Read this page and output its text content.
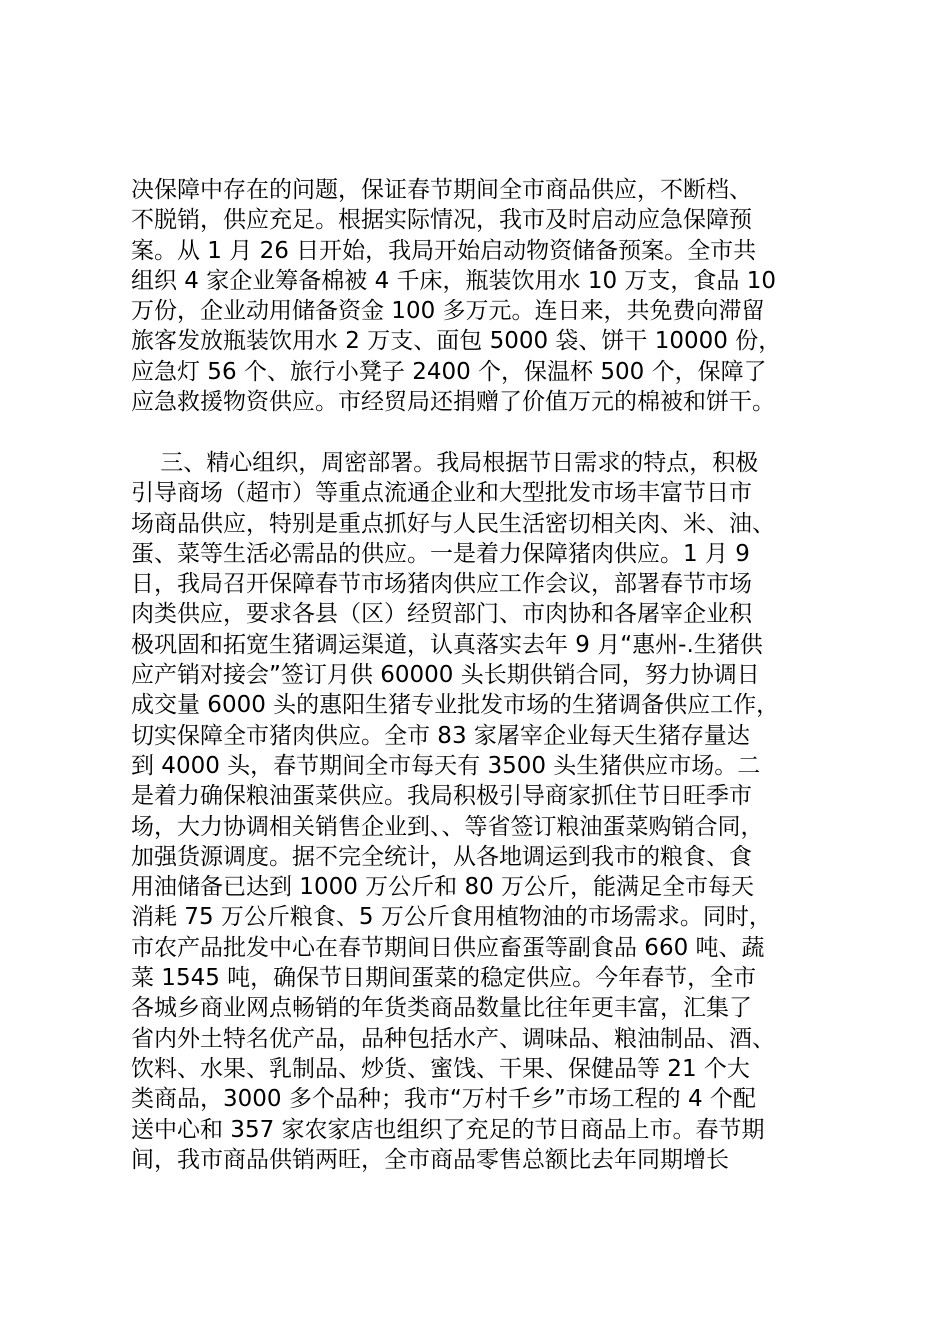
决保障中存在的问题，保证春节期间全市商品供应，不断档、
不脱销，供应充足。根据实际情况，我市及时启动应急保障预
案。从 1 月 26 日开始，我局开始启动物资储备预案。全市共
组织 4 家企业筹备棉被 4 千床，瓶装饮用水 10 万支，食品 10
万份，企业动用储备资金 100 多万元。连日来，共免费向滞留
旅客发放瓶装饮用水 2 万支、面包 5000 袋、饼干 10000 份，
应急灯 56 个、旅行小凳子 2400 个，保温杯 500 个，保障了
应急救援物资供应。市经贸局还捐赠了价值万元的棉被和饼干。
三、精心组织，周密部署。我局根据节日需求的特点，积极
引导商场（超市）等重点流通企业和大型批发市场丰富节日市
场商品供应，特别是重点抓好与人民生活密切相关肉、米、油、
蛋、菜等生活必需品的供应。一是着力保障猪肉供应。1 月 9
日，我局召开保障春节市场猪肉供应工作会议，部署春节市场
肉类供应，要求各县（区）经贸部门、市肉协和各屠宰企业积
极巩固和拓宽生猪调运渠道，认真落实去年 9 月“惠州-.生猪供
应产销对接会”签订月供 60000 头长期供销合同，努力协调日
成交量 6000 头的惠阳生猪专业批发市场的生猪调备供应工作，
切实保障全市猪肉供应。全市 83 家屠宰企业每天生猪存量达
到 4000 头，春节期间全市每天有 3500 头生猪供应市场。二
是着力确保粮油蛋菜供应。我局积极引导商家抓住节日旺季市
场，大力协调相关销售企业到、、等省签订粮油蛋菜购销合同，
加强货源调度。据不完全统计，从各地调运到我市的粮食、食
用油储备已达到 1000 万公斤和 80 万公斤，能满足全市每天
消耗 75 万公斤粮食、5 万公斤食用植物油的市场需求。同时，
市农产品批发中心在春节期间日供应畜蛋等副食品 660 吨、蔬
菜 1545 吨，确保节日期间蛋菜的稳定供应。今年春节，全市
各城乡商业网点畅销的年货类商品数量比往年更丰富，汇集了
省内外土特名优产品，品种包括水产、调味品、粮油制品、酒、
饮料、水果、乳制品、炒货、蜜饯、干果、保健品等 21 个大
类商品，3000 多个品种；我市“万村千乡”市场工程的 4 个配
送中心和 357 家农家店也组织了充足的节日商品上市。春节期
间，我市商品供销两旺，全市商品零售总额比去年同期增长
